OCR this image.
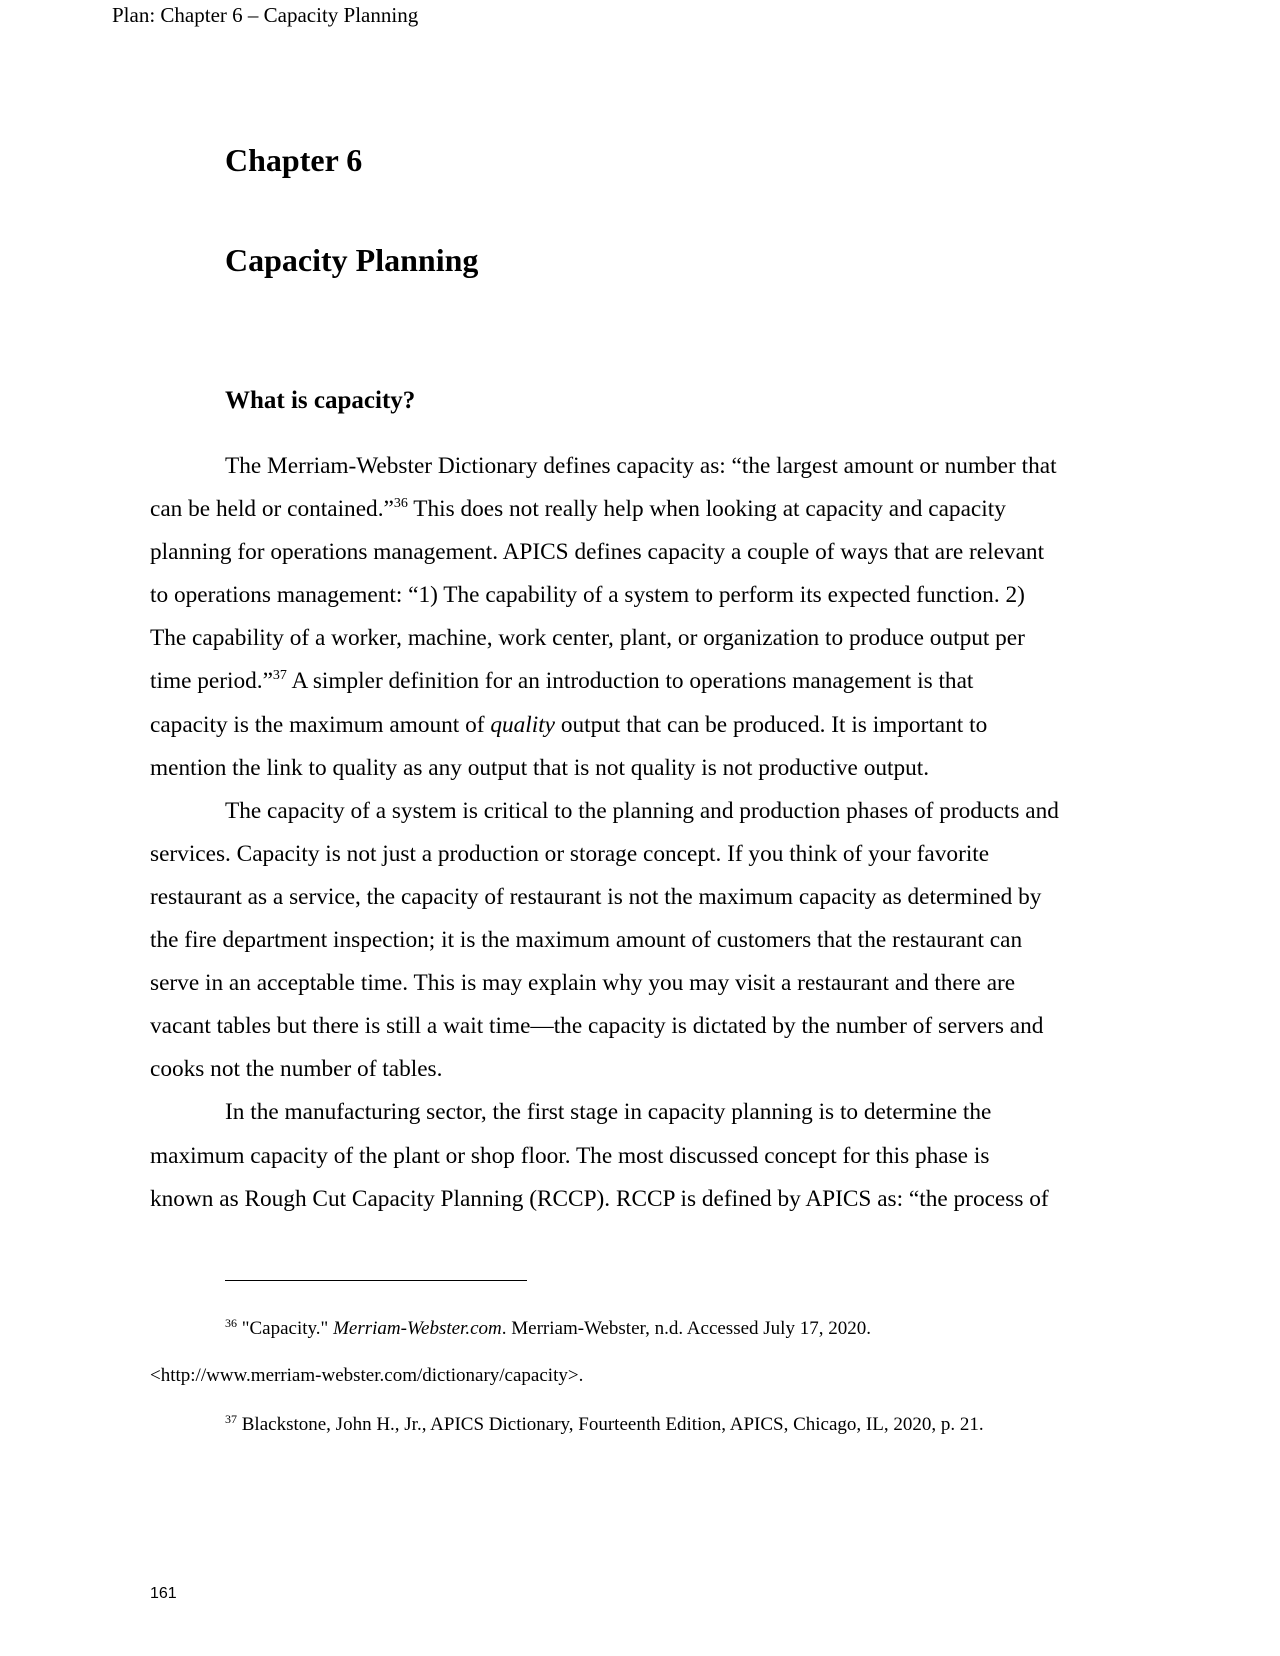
Plan: Chapter 6 – Capacity Planning
Chapter 6
Capacity Planning
What is capacity?
The Merriam-Webster Dictionary defines capacity as: “the largest amount or number that
can be held or contained.”$^{36}$ This does not really help when looking at capacity and capacity
planning for operations management. APICS defines capacity a couple of ways that are relevant
to operations management: “1) The capability of a system to perform its expected function. 2)
The capability of a worker, machine, work center, plant, or organization to produce output per
time period.”$^{37}$ A simpler definition for an introduction to operations management is that
capacity is the maximum amount of quality output that can be produced. It is important to
mention the link to quality as any output that is not quality is not productive output.
The capacity of a system is critical to the planning and production phases of products and
services. Capacity is not just a production or storage concept. If you think of your favorite
restaurant as a service, the capacity of restaurant is not the maximum capacity as determined by
the fire department inspection; it is the maximum amount of customers that the restaurant can
serve in an acceptable time. This is may explain why you may visit a restaurant and there are
vacant tables but there is still a wait time—the capacity is dictated by the number of servers and
cooks not the number of tables.
In the manufacturing sector, the first stage in capacity planning is to determine the
maximum capacity of the plant or shop floor. The most discussed concept for this phase is
known as Rough Cut Capacity Planning (RCCP). RCCP is defined by APICS as: “the process of
$^{36}$ "Capacity." Merriam-Webster.com. Merriam-Webster, n.d. Accessed July 17, 2020.
<http://www.merriam-webster.com/dictionary/capacity>.
$^{37}$ Blackstone, John H., Jr., APICS Dictionary, Fourteenth Edition, APICS, Chicago, IL, 2020, p. 21.
161
